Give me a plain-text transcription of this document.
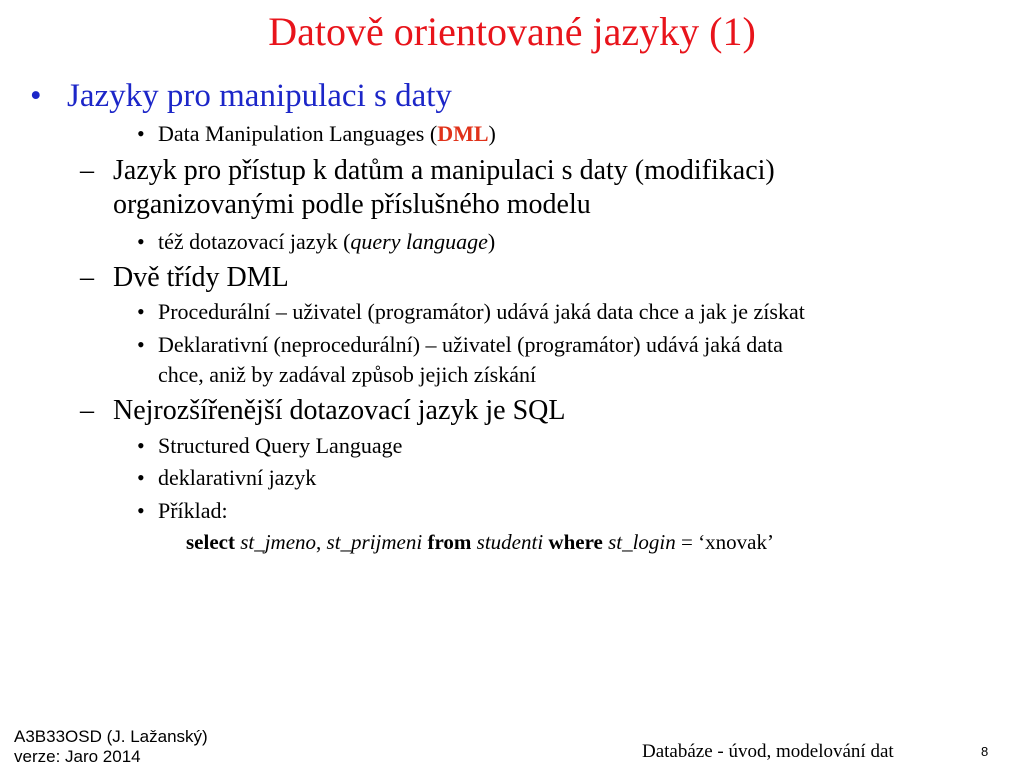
Datově orientované jazyky (1)
• Jazyky pro manipulaci s daty
• Data Manipulation Languages (DML)
– Jazyk pro přístup k datům a manipulaci s daty (modifikaci)
organizovanými podle příslušného modelu
• též dotazovací jazyk (query language)
– Dvě třídy DML
• Procedurální – uživatel (programátor) udává jaká data chce a jak je získat
• Deklarativní (neprocedurální) – uživatel (programátor) udává jaká data
chce, aniž by zadával způsob jejich získání
– Nejrozšířenější dotazovací jazyk je SQL
• Structured Query Language
• deklarativní jazyk
• Příklad:
select st_jmeno, st_prijmeni from studenti where st_login = ‘xnovak’
A3B33OSD (J. Lažanský)
verze: Jaro 2014	Databáze - úvod, modelování dat	8
